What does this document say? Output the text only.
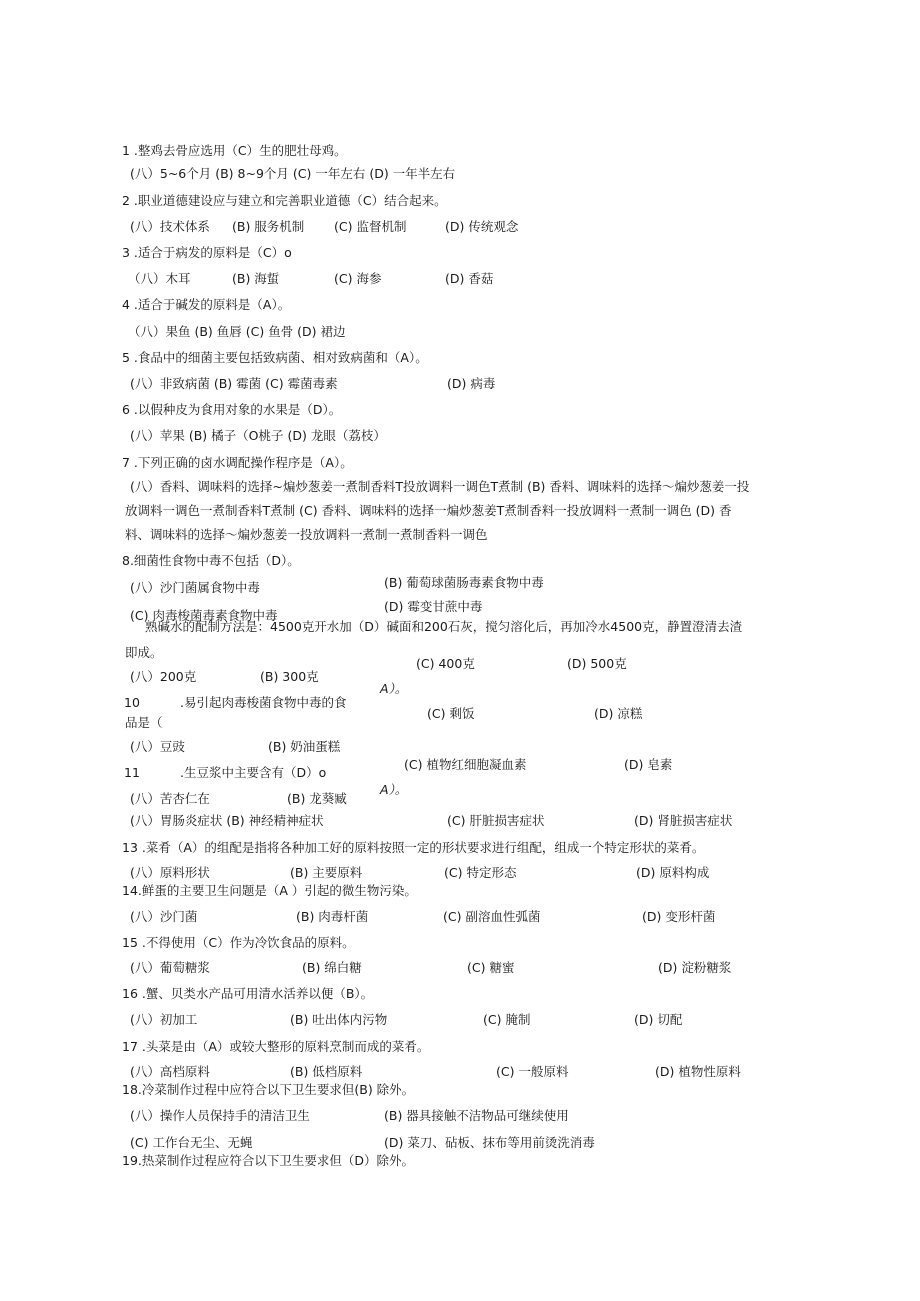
1 .整鸡去骨应选用（C）生的肥壮母鸡。
(八）5~6个月 (B) 8~9个月 (C) 一年左右 (D) 一年半左右
2 .职业道德建设应与建立和完善职业道德（C）结合起来。
(八）技术体系 (B) 服务机制 (C) 监督机制	(D) 传统观念
3 .适合于病发的原料是（C）o
（八）木耳	(B) 海蜇	(C) 海参	(D) 香菇
4 .适合于碱发的原料是（A）。
（八）果鱼 (B) 鱼唇 (C) 鱼骨 (D) 裙边
5 .食品中的细菌主要包括致病菌、相对致病菌和（A）。
(八）非致病菌 (B) 霉菌 (C) 霉菌毒素	(D) 病毒
6 .以假种皮为食用对象的水果是（D）。
(八）苹果 (B) 橘子（O桃子 (D) 龙眼（荔枝）
7 .下列正确的卤水调配操作程序是（A）。
(八）香料、调味料的选择~煸炒葱姜一煮制香料T投放调料一调色T煮制 (B) 香料、调味料的选择～煸炒葱姜一投
放调料一调色一煮制香料T煮制 (C) 香料、调味料的选择一煸炒葱姜T煮制香料一投放调料一煮制一调色 (D) 香
料、调味料的选择～煸炒葱姜一投放调料一煮制一煮制香料一调色
8.细菌性食物中毒不包括（D）。
(八）沙门菌属食物中毒	(B) 葡萄球菌肠毒素食物中毒
(C) 肉毒梭菌毒素食物中毒
(D) 霉变甘蔗中毒
熟碱水的配制方法是：4500克开水加（D）碱面和200石灰，搅匀溶化后，再加冷水4500克，静置澄清去渣
即成。
(C) 400克	(D) 500克
(八）200克	(B) 300克
A）。
10	.易引起肉毒梭菌食物中毒的食
(C) 剩饭	(D) 凉糕
品是（
(八）豆豉	(B) 奶油蛋糕
11	.生豆浆中主要含有（D）o
(C) 植物红细胞凝血素	(D) 皂素
(八）苦杏仁在	(B) 龙葵臧
A）。
(八）胃肠炎症状 (B) 神经精神症状	(C) 肝脏损害症状	(D) 肾脏损害症状
13 .菜肴（A）的组配是指将各种加工好的原料按照一定的形状要求进行组配，组成一个特定形状的菜肴。
(八）原料形状	(B) 主要原料	(C) 特定形态	(D) 原料构成
14.鲜蛋的主要卫生问题是（A ）引起的微生物污染。
(八）沙门菌	(B) 肉毒杆菌	(C) 副溶血性弧菌	(D) 变形杆菌
15 .不得使用（C）作为冷饮食品的原料。
(八）葡萄糖浆	(B) 绵白糖	(C) 糖蜜	(D) 淀粉糖浆
16 .蟹、贝类水产品可用清水活养以便（B）。
(八）初加工	(B) 吐出体内污物	(C) 腌制	(D) 切配
17 .头菜是由（A）或较大整形的原料烹制而成的菜肴。
(八）高档原料	(B) 低档原料	(C) 一般原料	(D) 植物性原料
18.冷菜制作过程中应符合以下卫生要求但(B) 除外。
(八）操作人员保持手的清洁卫生	(B) 器具接触不洁物品可继续使用
(C) 工作台无尘、无蝇	(D) 菜刀、砧板、抹布等用前烫洗消毒
19.热菜制作过程应符合以下卫生要求但（D）除外。
